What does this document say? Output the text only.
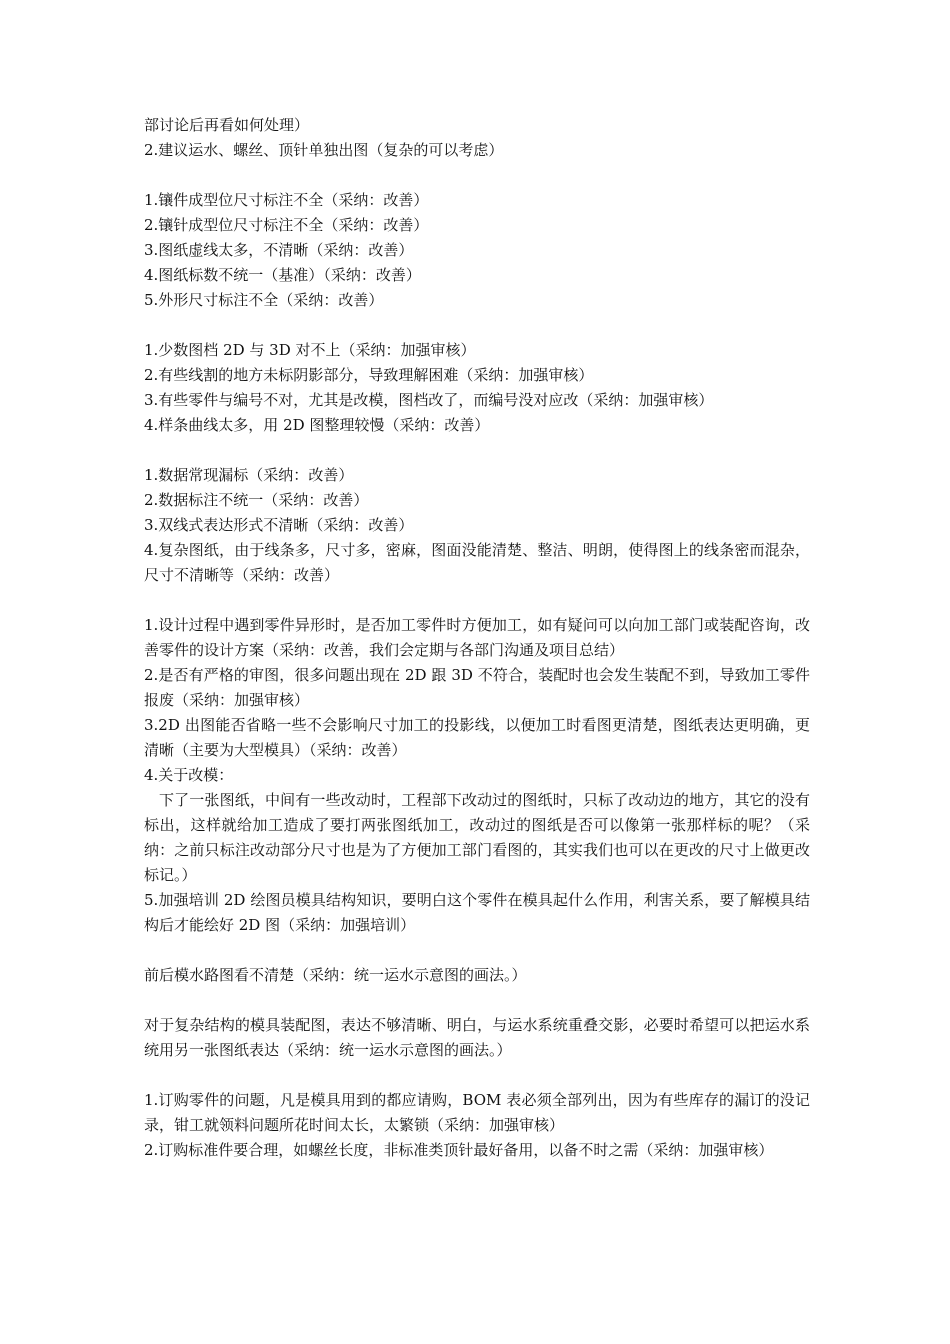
部讨论后再看如何处理）
2.建议运水、螺丝、顶针单独出图（复杂的可以考虑）
1.镶件成型位尺寸标注不全（采纳：改善）
2.镶针成型位尺寸标注不全（采纳：改善）
3.图纸虚线太多，不清晰（采纳：改善）
4.图纸标数不统一（基准）（采纳：改善）
5.外形尺寸标注不全（采纳：改善）
1.少数图档 2D 与 3D 对不上（采纳：加强审核）
2.有些线割的地方未标阴影部分，导致理解困难（采纳：加强审核）
3.有些零件与编号不对，尤其是改模，图档改了，而编号没对应改（采纳：加强审核）
4.样条曲线太多，用 2D 图整理较慢（采纳：改善）
1.数据常现漏标（采纳：改善）
2.数据标注不统一（采纳：改善）
3.双线式表达形式不清晰（采纳：改善）
4.复杂图纸，由于线条多，尺寸多，密麻，图面没能清楚、整洁、明朗，使得图上的线条密而混杂，尺寸不清晰等（采纳：改善）
1.设计过程中遇到零件异形时，是否加工零件时方便加工，如有疑问可以向加工部门或装配咨询，改善零件的设计方案（采纳：改善，我们会定期与各部门沟通及项目总结）
2.是否有严格的审图，很多问题出现在 2D 跟 3D 不符合，装配时也会发生装配不到，导致加工零件报废（采纳：加强审核）
3.2D 出图能否省略一些不会影响尺寸加工的投影线，以便加工时看图更清楚，图纸表达更明确，更清晰（主要为大型模具）（采纳：改善）
4.关于改模：
下了一张图纸，中间有一些改动时，工程部下改动过的图纸时，只标了改动边的地方，其它的没有标出，这样就给加工造成了要打两张图纸加工，改动过的图纸是否可以像第一张那样标的呢？（采纳：之前只标注改动部分尺寸也是为了方便加工部门看图的，其实我们也可以在更改的尺寸上做更改标记。）
5.加强培训 2D 绘图员模具结构知识，要明白这个零件在模具起什么作用，利害关系，要了解模具结构后才能绘好 2D 图（采纳：加强培训）
前后模水路图看不清楚（采纳：统一运水示意图的画法。）
对于复杂结构的模具装配图，表达不够清晰、明白，与运水系统重叠交影，必要时希望可以把运水系统用另一张图纸表达（采纳：统一运水示意图的画法。）
1.订购零件的问题，凡是模具用到的都应请购，BOM 表必须全部列出，因为有些库存的漏订的没记录，钳工就领料问题所花时间太长，太繁锁（采纳：加强审核）
2.订购标准件要合理，如螺丝长度，非标准类顶针最好备用，以备不时之需（采纳：加强审核）
